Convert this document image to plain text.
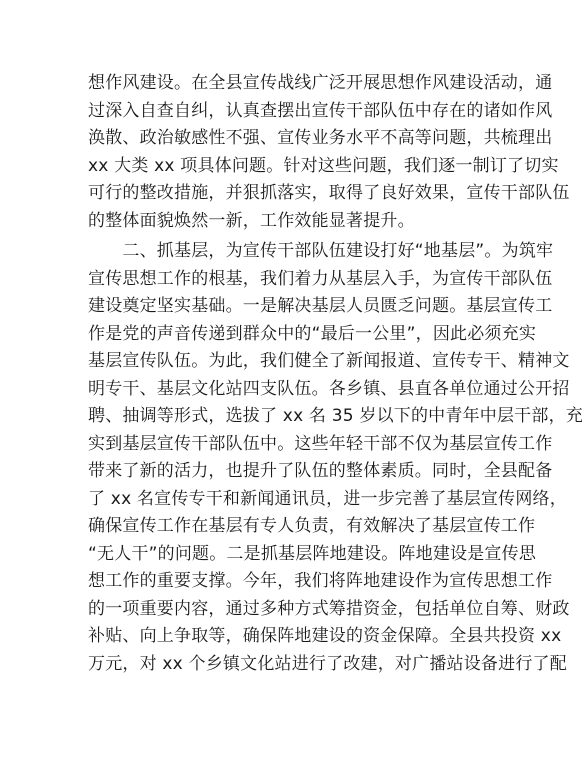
想作风建设。在全县宣传战线广泛开展思想作风建设活动，通
过深入自查自纠，认真查摆出宣传干部队伍中存在的诸如作风
涣散、政治敏感性不强、宣传业务水平不高等问题，共梳理出
xx 大类 xx 项具体问题。针对这些问题，我们逐一制订了切实
可行的整改措施，并狠抓落实，取得了良好效果，宣传干部队伍
的整体面貌焕然一新，工作效能显著提升。
　　二、抓基层，为宣传干部队伍建设打好“地基层”。为筑牢
宣传思想工作的根基，我们着力从基层入手，为宣传干部队伍
建设奠定坚实基础。一是解决基层人员匮乏问题。基层宣传工
作是党的声音传递到群众中的“最后一公里”，因此必须充实
基层宣传队伍。为此，我们健全了新闻报道、宣传专干、精神文
明专干、基层文化站四支队伍。各乡镇、县直各单位通过公开招
聘、抽调等形式，选拔了 xx 名 35 岁以下的中青年中层干部，充
实到基层宣传干部队伍中。这些年轻干部不仅为基层宣传工作
带来了新的活力，也提升了队伍的整体素质。同时，全县配备
了 xx 名宣传专干和新闻通讯员，进一步完善了基层宣传网络，
确保宣传工作在基层有专人负责，有效解决了基层宣传工作
“无人干”的问题。二是抓基层阵地建设。阵地建设是宣传思
想工作的重要支撑。今年，我们将阵地建设作为宣传思想工作
的一项重要内容，通过多种方式筹措资金，包括单位自筹、财政
补贴、向上争取等，确保阵地建设的资金保障。全县共投资 xx
万元，对 xx 个乡镇文化站进行了改建，对广播站设备进行了配
